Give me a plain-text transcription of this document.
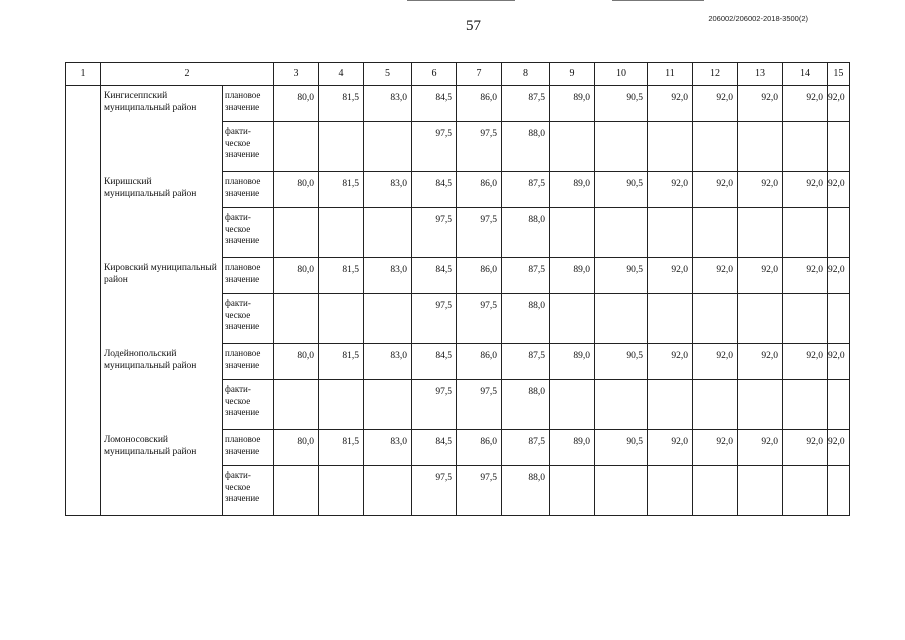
57	206002/206002-2018-3500(2)
1	2		3	4	5	6	7	8	9	10	11	12	13	14	15
	Кингисеппский муниципальный район	плановое значение	80,0	81,5	83,0	84,5	86,0	87,5	89,0	90,5	92,0	92,0	92,0	92,0	92,0
		факти- ческое значение				97,5	97,5	88,0							
	Киришский муниципальный район	плановое значение	80,0	81,5	83,0	84,5	86,0	87,5	89,0	90,5	92,0	92,0	92,0	92,0	92,0
		факти- ческое значение				97,5	97,5	88,0							
	Кировский муниципальный район	плановое значение	80,0	81,5	83,0	84,5	86,0	87,5	89,0	90,5	92,0	92,0	92,0	92,0	92,0
		факти- ческое значение				97,5	97,5	88,0							
	Лодейнопольский муниципальный район	плановое значение	80,0	81,5	83,0	84,5	86,0	87,5	89,0	90,5	92,0	92,0	92,0	92,0	92,0
		факти- ческое значение				97,5	97,5	88,0							
	Ломоносовский муниципальный район	плановое значение	80,0	81,5	83,0	84,5	86,0	87,5	89,0	90,5	92,0	92,0	92,0	92,0	92,0
		факти- ческое значение				97,5	97,5	88,0							
